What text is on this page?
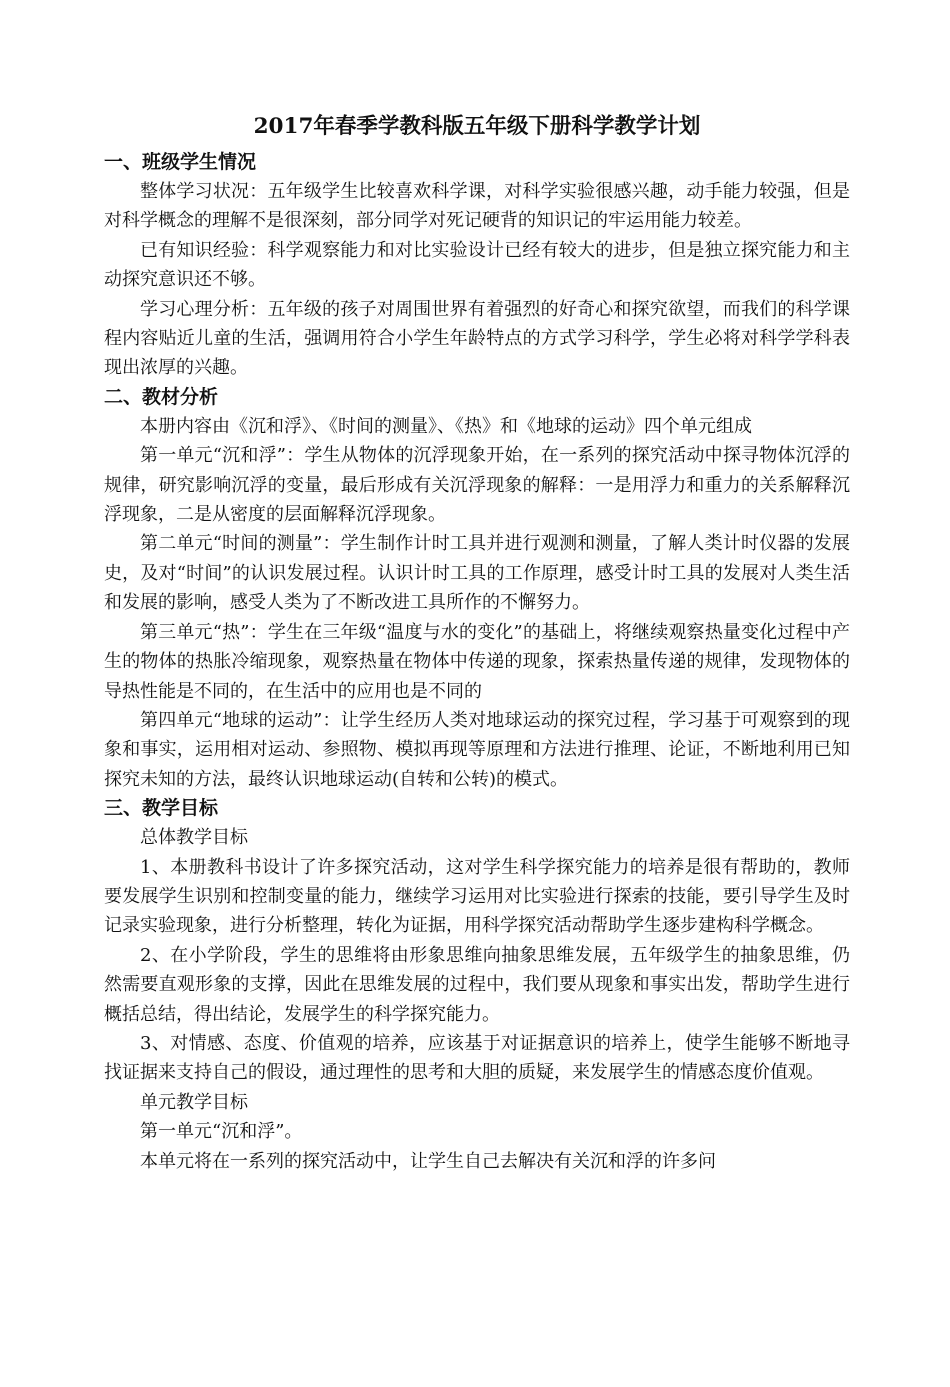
2017年春季学教科版五年级下册科学教学计划
一、班级学生情况

整体学习状况：五年级学生比较喜欢科学课，对科学实验很感兴趣，动手能力较强，但是对科学概念的理解不是很深刻，部分同学对死记硬背的知识记的牢运用能力较差。

已有知识经验：科学观察能力和对比实验设计已经有较大的进步，但是独立探究能力和主动探究意识还不够。

学习心理分析：五年级的孩子对周围世界有着强烈的好奇心和探究欲望，而我们的科学课程内容贴近儿童的生活，强调用符合小学生年龄特点的方式学习科学，学生必将对科学学科表现出浓厚的兴趣。

二、教材分析

本册内容由《沉和浮》、《时间的测量》、《热》和《地球的运动》四个单元组成

第一单元“沉和浮”：学生从物体的沉浮现象开始，在一系列的探究活动中探寻物体沉浮的规律，研究影响沉浮的变量，最后形成有关沉浮现象的解释：一是用浮力和重力的关系解释沉浮现象，二是从密度的层面解释沉浮现象。

第二单元“时间的测量”：学生制作计时工具并进行观测和测量，了解人类计时仪器的发展史，及对“时间”的认识发展过程。认识计时工具的工作原理，感受计时工具的发展对人类生活和发展的影响，感受人类为了不断改进工具所作的不懈努力。

第三单元“热”：学生在三年级“温度与水的变化”的基础上，将继续观察热量变化过程中产生的物体的热胀冷缩现象，观察热量在物体中传递的现象，探索热量传递的规律，发现物体的导热性能是不同的，在生活中的应用也是不同的

第四单元“地球的运动”：让学生经历人类对地球运动的探究过程，学习基于可观察到的现象和事实，运用相对运动、参照物、模拟再现等原理和方法进行推理、论证，不断地利用已知探究未知的方法，最终认识地球运动(自转和公转)的模式。

三、教学目标

总体教学目标

1、本册教科书设计了许多探究活动，这对学生科学探究能力的培养是很有帮助的，教师要发展学生识别和控制变量的能力，继续学习运用对比实验进行探索的技能，要引导学生及时记录实验现象，进行分析整理，转化为证据，用科学探究活动帮助学生逐步建构科学概念。

2、在小学阶段，学生的思维将由形象思维向抽象思维发展，五年级学生的抽象思维，仍然需要直观形象的支撑，因此在思维发展的过程中，我们要从现象和事实出发，帮助学生进行概括总结，得出结论，发展学生的科学探究能力。

3、对情感、态度、价值观的培养，应该基于对证据意识的培养上，使学生能够不断地寻找证据来支持自己的假设，通过理性的思考和大胆的质疑，来发展学生的情感态度价值观。

单元教学目标

第一单元“沉和浮”。

本单元将在一系列的探究活动中，让学生自己去解决有关沉和浮的许多问
